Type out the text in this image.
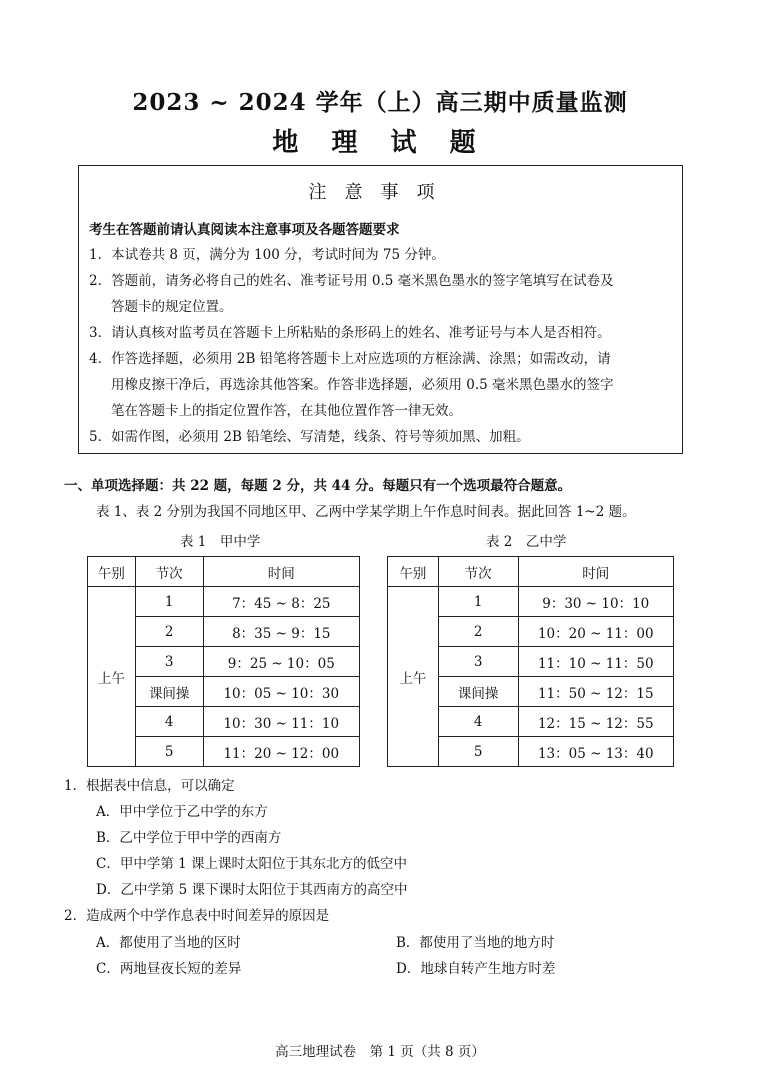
2023 ~ 2024 学年（上）高三期中质量监测
地 理 试 题
注意事项
考生在答题前请认真阅读本注意事项及各题答题要求
1．本试卷共 8 页，满分为 100 分，考试时间为 75 分钟。
2．答题前，请务必将自己的姓名、准考证号用 0.5 毫米黑色墨水的签字笔填写在试卷及
答题卡的规定位置。
3．请认真核对监考员在答题卡上所粘贴的条形码上的姓名、准考证号与本人是否相符。
4．作答选择题，必须用 2B 铅笔将答题卡上对应选项的方框涂满、涂黑；如需改动，请
用橡皮擦干净后，再选涂其他答案。作答非选择题，必须用 0.5 毫米黑色墨水的签字
笔在答题卡上的指定位置作答，在其他位置作答一律无效。
5．如需作图，必须用 2B 铅笔绘、写清楚，线条、符号等须加黑、加粗。
一、单项选择题：共 22 题，每题 2 分，共 44 分。每题只有一个选项最符合题意。
表 1、表 2 分别为我国不同地区甲、乙两中学某学期上午作息时间表。据此回答 1~2 题。
表 1　甲中学	表 2　乙中学
午别	节次	时间
上午	1	7：45 ~ 8：25
	2	8：35 ~ 9：15
	3	9：25 ~ 10：05
	课间操	10：05 ~ 10：30
	4	10：30 ~ 11：10
	5	11：20 ~ 12：00
午别	节次	时间
上午	1	9：30 ~ 10：10
	2	10：20 ~ 11：00
	3	11：10 ~ 11：50
	课间操	11：50 ~ 12：15
	4	12：15 ~ 12：55
	5	13：05 ~ 13：40
1．根据表中信息，可以确定
A．甲中学位于乙中学的东方
B．乙中学位于甲中学的西南方
C．甲中学第 1 课上课时太阳位于其东北方的低空中
D．乙中学第 5 课下课时太阳位于其西南方的高空中
2．造成两个中学作息表中时间差异的原因是
A．都使用了当地的区时	B．都使用了当地的地方时
C．两地昼夜长短的差异	D．地球自转产生地方时差
高三地理试卷　第 1 页（共 8 页）
